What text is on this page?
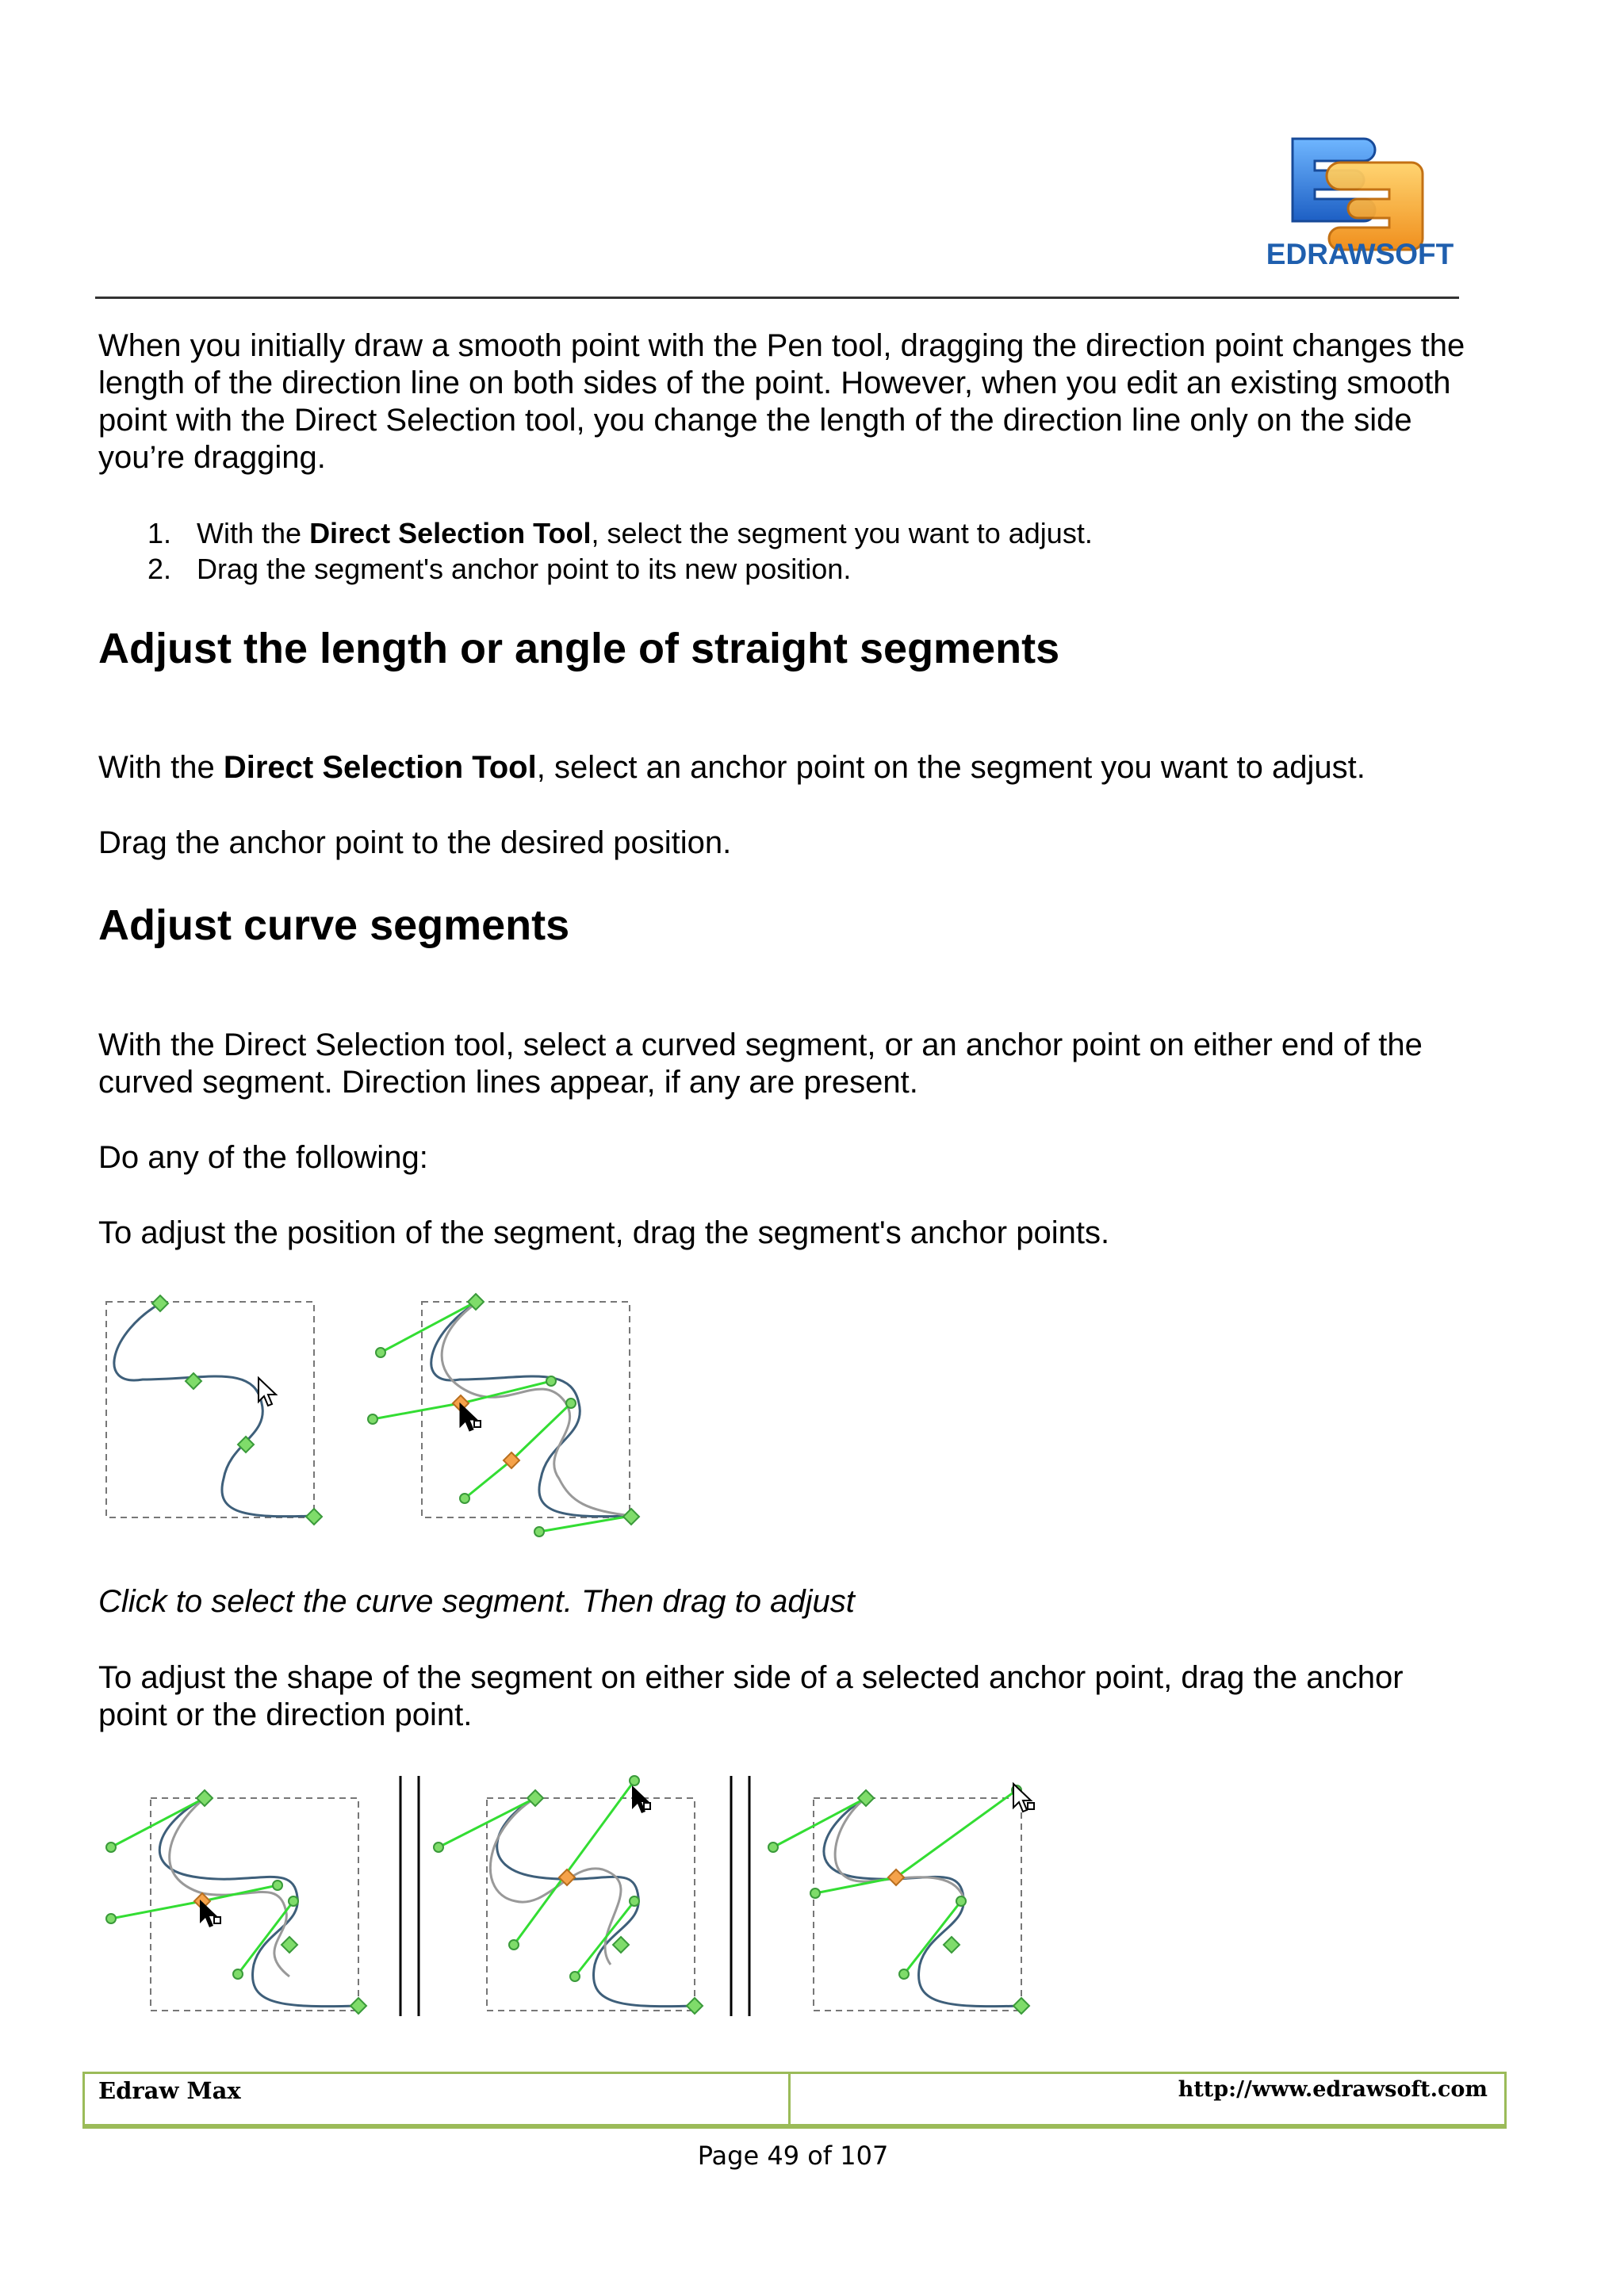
EDRAWSOFT

When you initially draw a smooth point with the Pen tool, dragging the direction point changes the length of the direction line on both sides of the point. However, when you edit an existing smooth point with the Direct Selection tool, you change the length of the direction line only on the side you’re dragging.

1. With the Direct Selection Tool, select the segment you want to adjust.
2. Drag the segment's anchor point to its new position.
Adjust the length or angle of straight segments

With the Direct Selection Tool, select an anchor point on the segment you want to adjust.

Drag the anchor point to the desired position.

Adjust curve segments

With the Direct Selection tool, select a curved segment, or an anchor point on either end of the curved segment. Direction lines appear, if any are present.

Do any of the following:

To adjust the position of the segment, drag the segment's anchor points.

Click to select the curve segment. Then drag to adjust

To adjust the shape of the segment on either side of a selected anchor point, drag the anchor point or the direction point.

Edraw Max	http://www.edrawsoft.com
Page 49 of 107
